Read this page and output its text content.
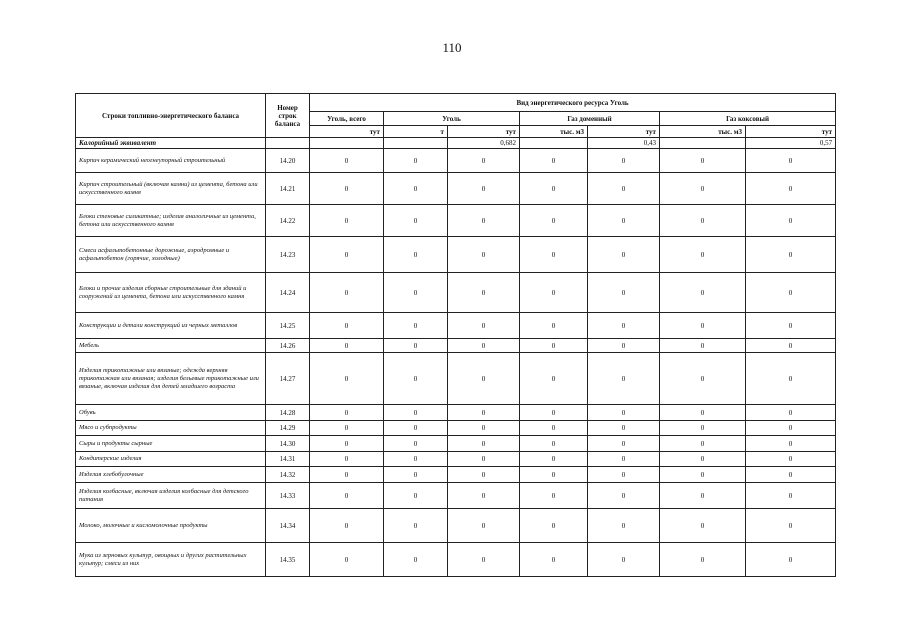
110
Строки топливно-энергетического баланса	Номер строк баланса	Вид энергетического ресурса Уголь						
		Уголь, всего	Уголь		Газ доменный		Газ коксовый	
		тут	т	тут	тыс. м3	тут	тыс. м3	тут
Калорийный эквивалент				0,682		0,43		0,57
Кирпич керамический неогнеупорный строительный	14.20	0	0	0	0	0	0	0
Кирпич строительный (включая камни) из цемента, бетона или искусственного камня	14.21	0	0	0	0	0	0	0
Блоки стеновые силикатные; изделия аналогичные из цемента, бетона или искусственного камня	14.22	0	0	0	0	0	0	0
Смеси асфальтобетонные дорожные, аэродромные и асфальтобетон (горячие, холодные)	14.23	0	0	0	0	0	0	0
Блоки и прочие изделия сборные строительные для зданий и сооружений из цемента, бетона или искусственного камня	14.24	0	0	0	0	0	0	0
Конструкции и детали конструкций из черных металлов	14.25	0	0	0	0	0	0	0
Мебель	14.26	0	0	0	0	0	0	0
Изделия трикотажные или вязаные; одежда верхняя трикотажная или вязаная; изделия бельевые трикотажные или вязаные, включая изделия для детей младшего возраста	14.27	0	0	0	0	0	0	0
Обувь	14.28	0	0	0	0	0	0	0
Мясо и субпродукты	14.29	0	0	0	0	0	0	0
Сыры и продукты сырные	14.30	0	0	0	0	0	0	0
Кондитерские изделия	14.31	0	0	0	0	0	0	0
Изделия хлебобулочные	14.32	0	0	0	0	0	0	0
Изделия колбасные, включая изделия колбасные для детского питания	14.33	0	0	0	0	0	0	0
Молоко, молочные и кисломолочные продукты	14.34	0	0	0	0	0	0	0
Мука из зерновых культур, овощных и других растительных культур; смеси из них	14.35	0	0	0	0	0	0	0
